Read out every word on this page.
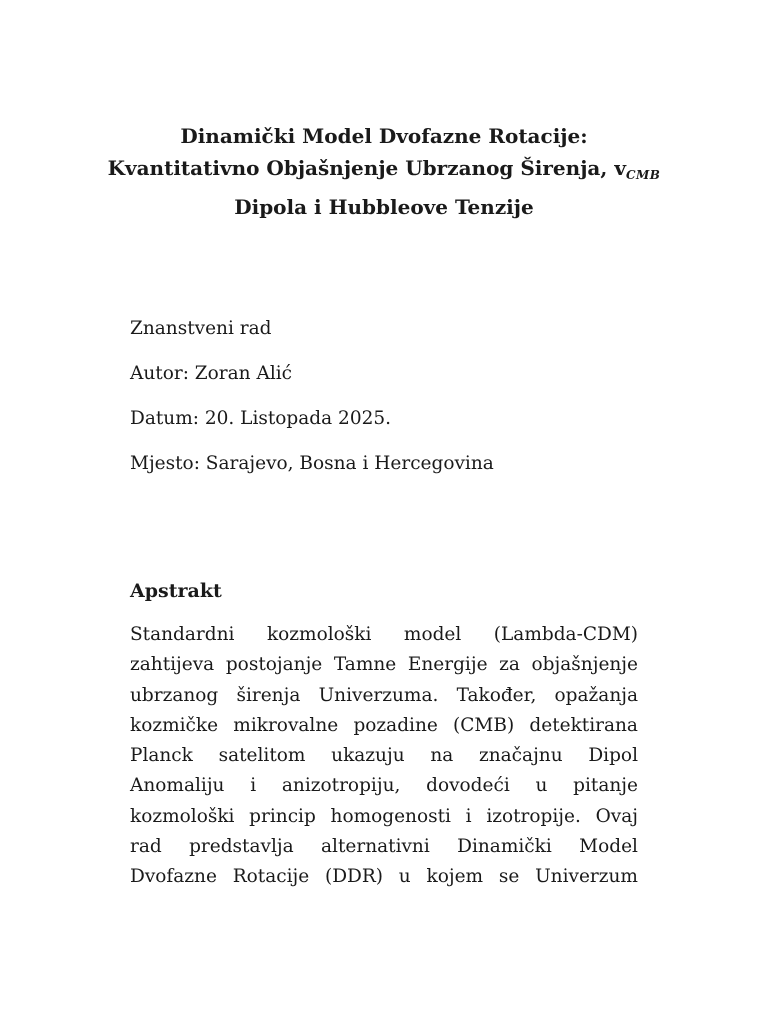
Dinamički Model Dvofazne Rotacije:
Kvantitativno Objašnjenje Ubrzanog Širenja, $v_{CMB}$
Dipola i Hubbleove Tenzije
Znanstveni rad
Autor: Zoran Alić
Datum: 20. Listopada 2025.
Mjesto: Sarajevo, Bosna i Hercegovina
Apstrakt
Standardni kozmološki model (Lambda-CDM)
zahtijeva postojanje Tamne Energije za objašnjenje
ubrzanog širenja Univerzuma. Također, opažanja
kozmičke mikrovalne pozadine (CMB) detektirana
Planck satelitom ukazuju na značajnu Dipol
Anomaliju i anizotropiju, dovodeći u pitanje
kozmološki princip homogenosti i izotropije. Ovaj
rad predstavlja alternativni Dinamički Model
Dvofazne Rotacije (DDR) u kojem se Univerzum
